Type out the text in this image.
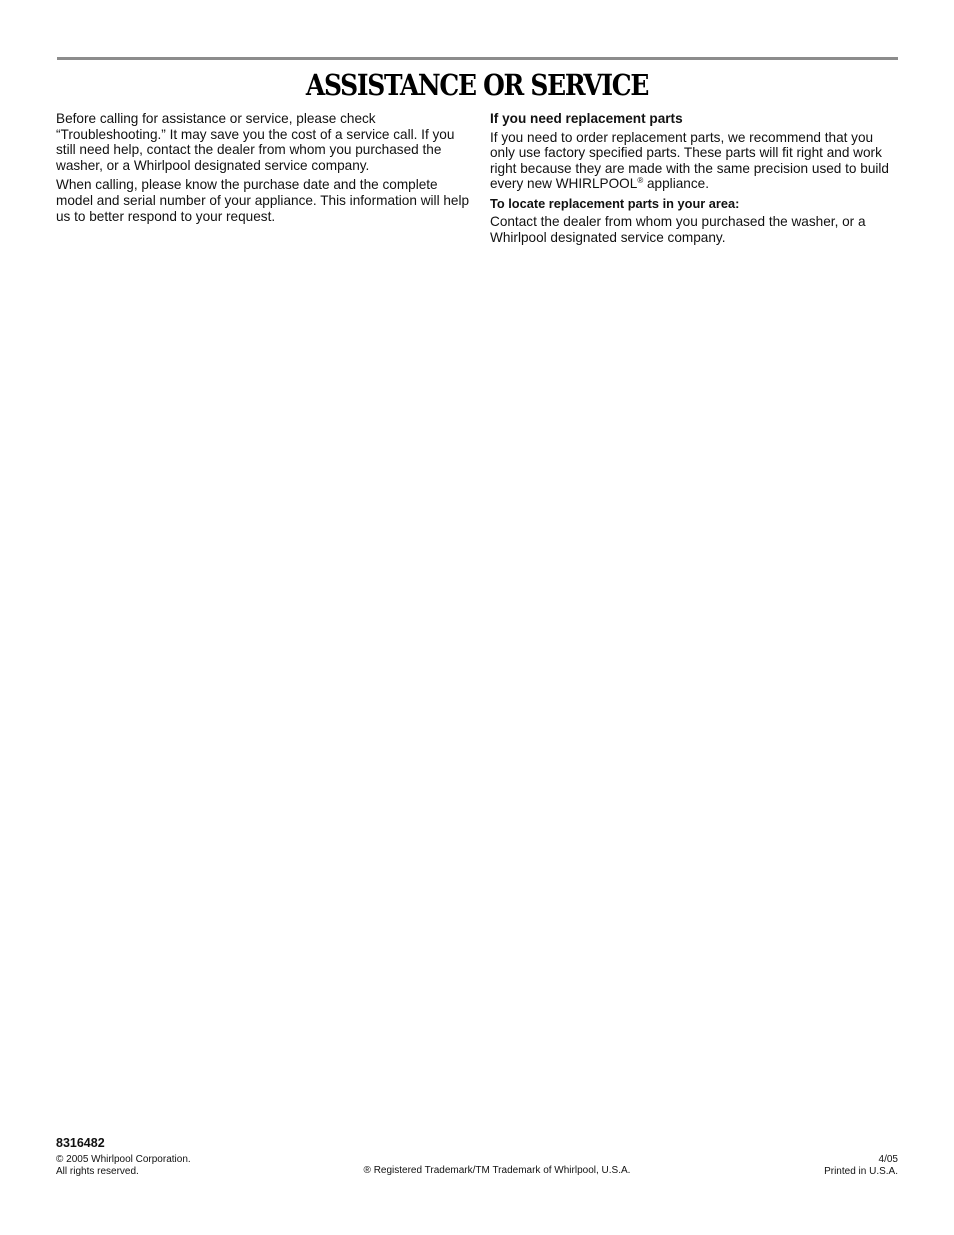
ASSISTANCE OR SERVICE

Before calling for assistance or service, please check “Troubleshooting.” It may save you the cost of a service call. If you still need help, contact the dealer from whom you purchased the washer, or a Whirlpool designated service company.

When calling, please know the purchase date and the complete model and serial number of your appliance. This information will help us to better respond to your request.

If you need replacement parts

If you need to order replacement parts, we recommend that you only use factory specified parts. These parts will fit right and work right because they are made with the same precision used to build every new WHIRLPOOL® appliance.

To locate replacement parts in your area:

Contact the dealer from whom you purchased the washer, or a Whirlpool designated service company.

8316482
© 2005 Whirlpool Corporation.
All rights reserved.	® Registered Trademark/TM Trademark of Whirlpool, U.S.A.
4/05
Printed in U.S.A.
